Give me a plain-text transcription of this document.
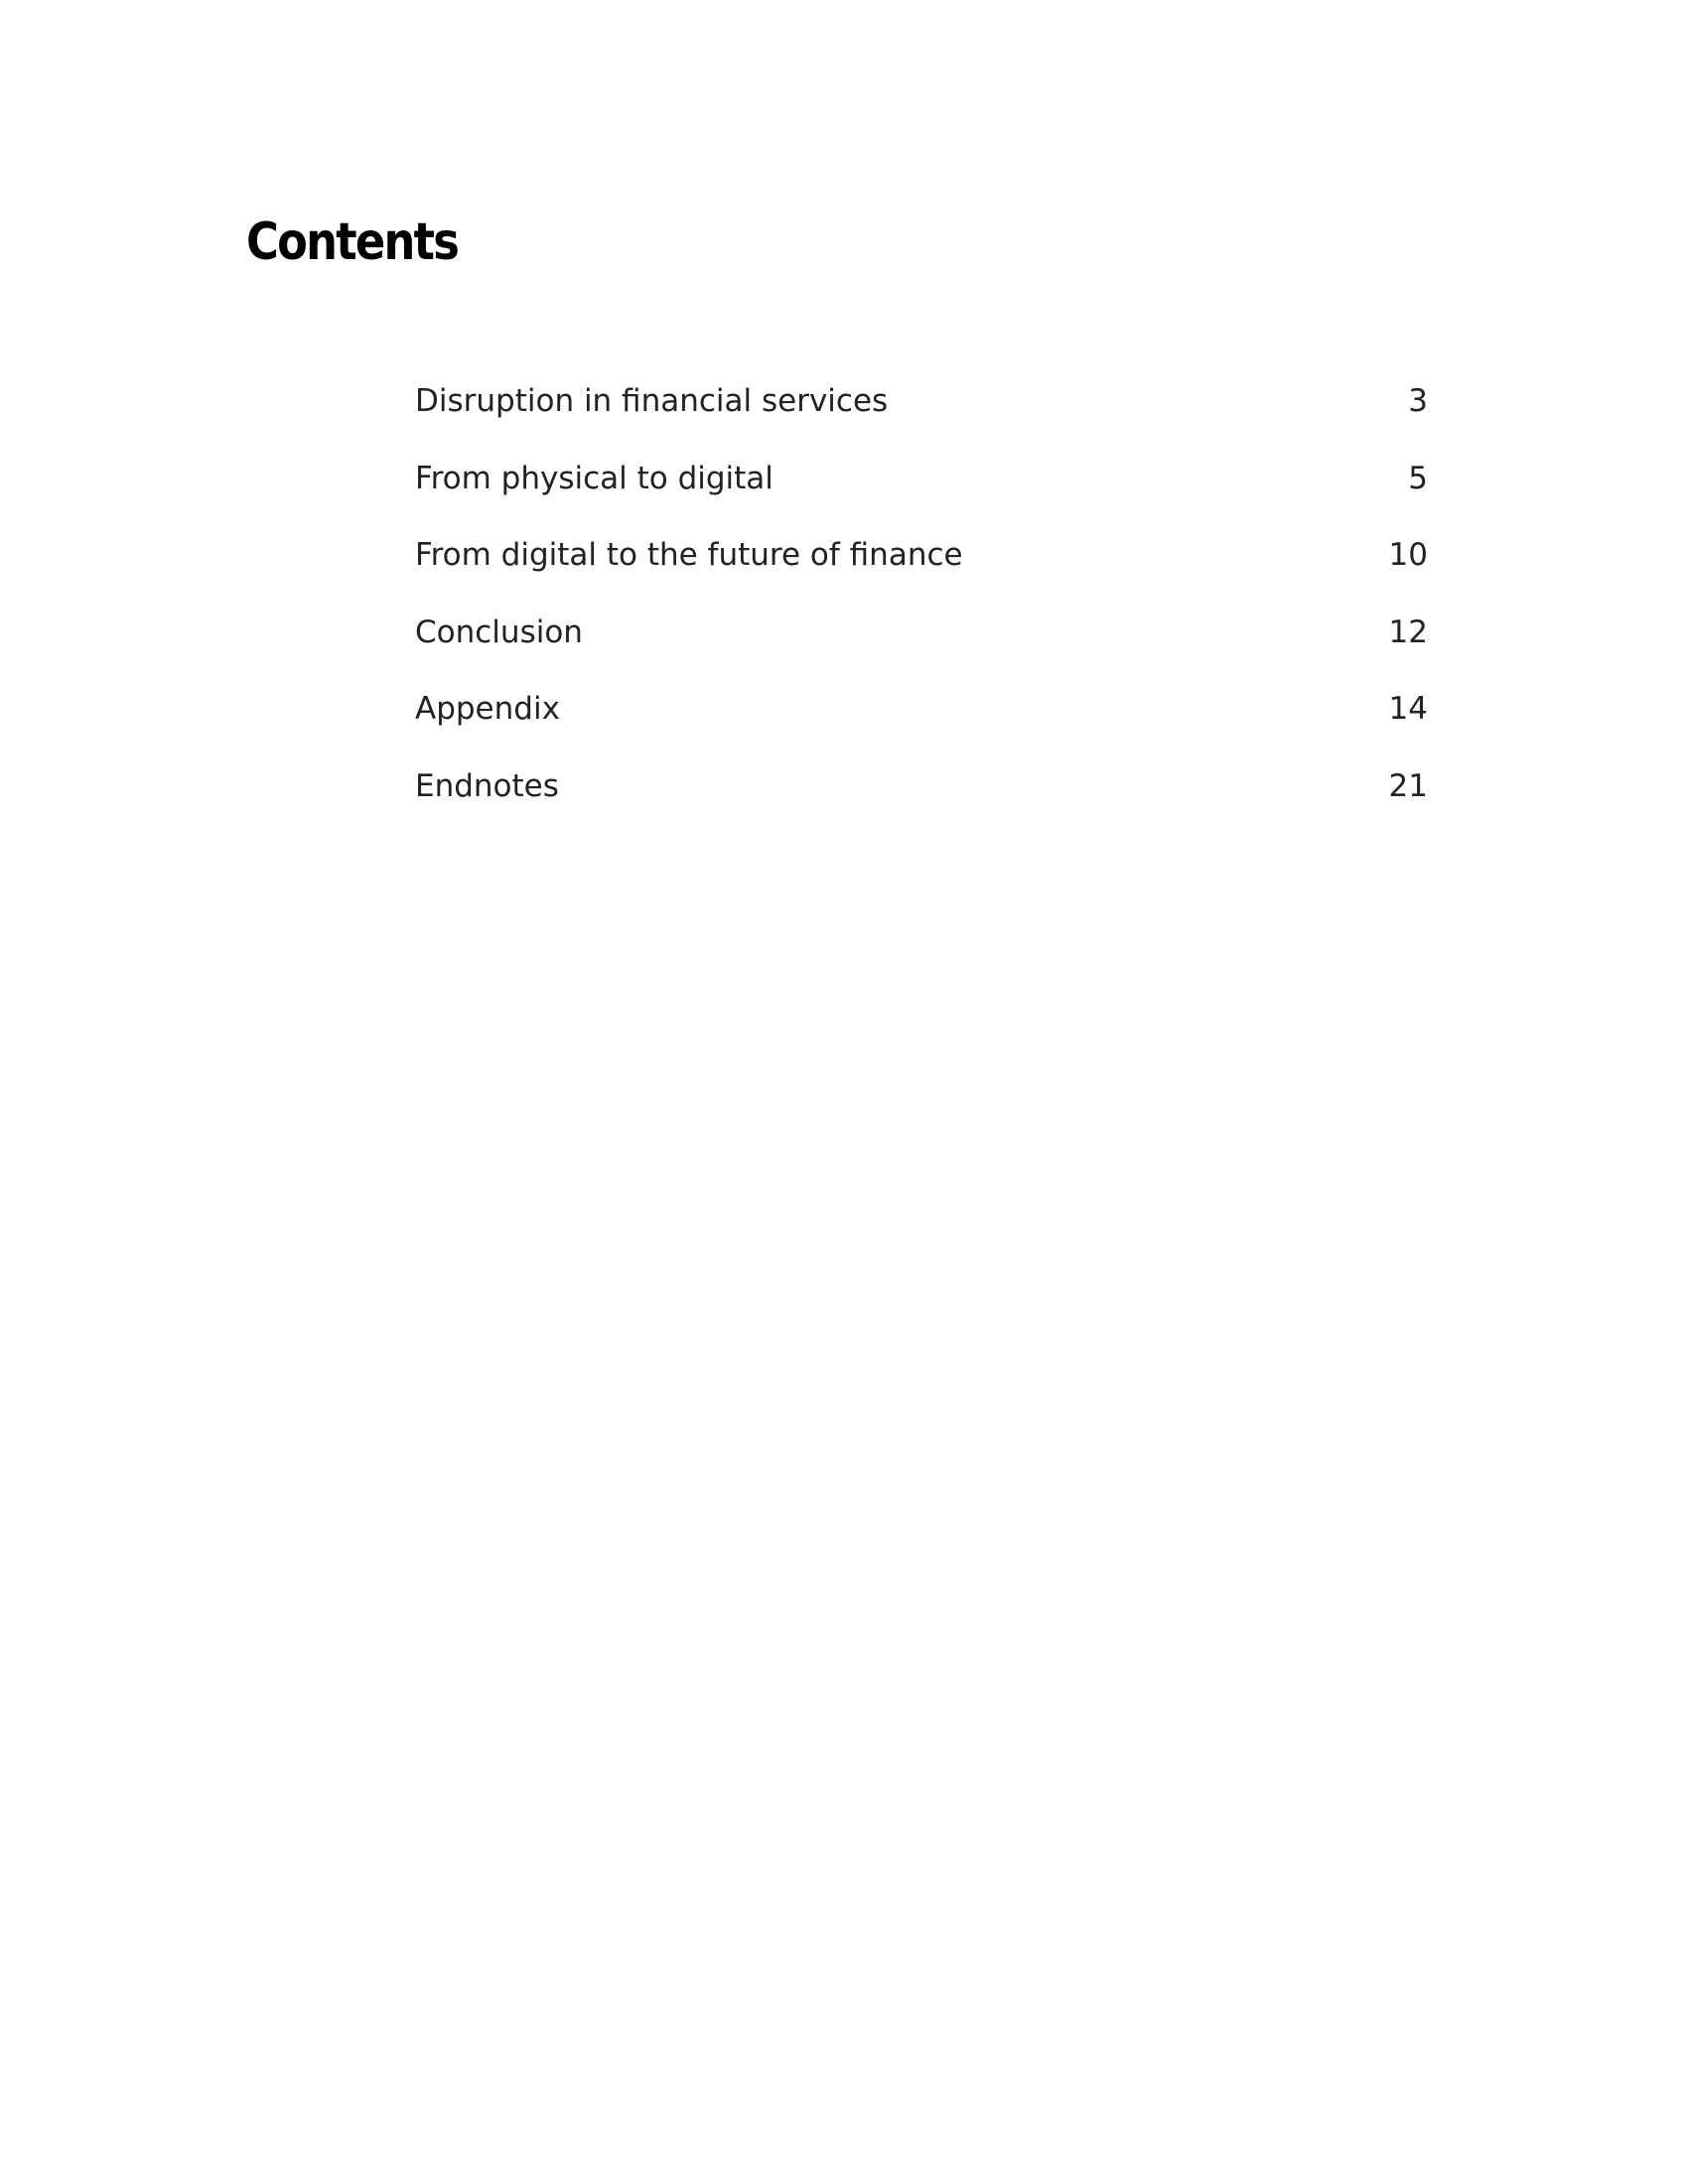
Contents
Disruption in financial services	3
From physical to digital	5
From digital to the future of finance	10
Conclusion	12
Appendix	14
Endnotes	21
